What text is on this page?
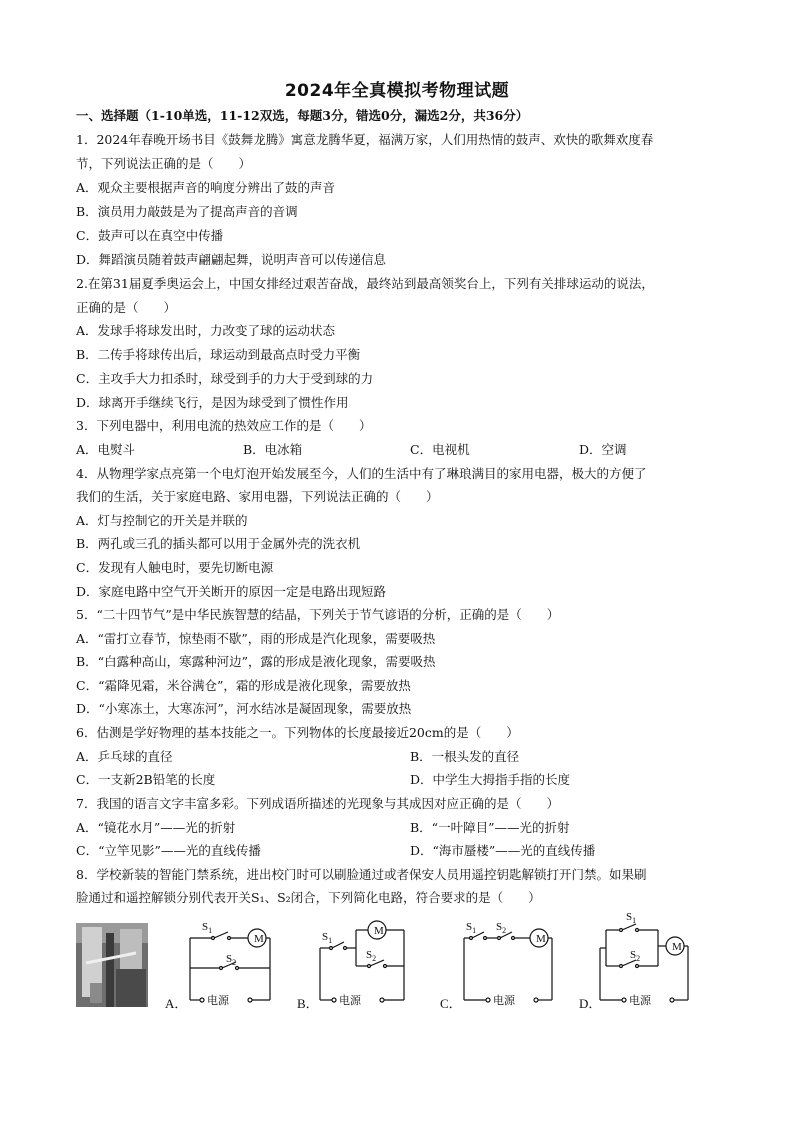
2024年全真模拟考物理试题
一、选择题（1-10单选，11-12双选，每题3分，错选0分，漏选2分，共36分）
1．2024年春晚开场书目《鼓舞龙腾》寓意龙腾华夏，福满万家，人们用热情的鼓声、欢快的歌舞欢度春
节，下列说法正确的是（　　）
A．观众主要根据声音的响度分辨出了鼓的声音
B．演员用力敲鼓是为了提高声音的音调
C．鼓声可以在真空中传播
D．舞蹈演员随着鼓声翩翩起舞，说明声音可以传递信息
2.在第31届夏季奥运会上，中国女排经过艰苦奋战，最终站到最高领奖台上，下列有关排球运动的说法，
正确的是（　　）
A．发球手将球发出时，力改变了球的运动状态
B．二传手将球传出后，球运动到最高点时受力平衡
C．主攻手大力扣杀时，球受到手的力大于受到球的力
D．球离开手继续飞行，是因为球受到了惯性作用
3．下列电器中，利用电流的热效应工作的是（　　）
A．电熨斗	B．电冰箱	C．电视机	D．空调
4．从物理学家点亮第一个电灯泡开始发展至今，人们的生活中有了琳琅满目的家用电器，极大的方便了
我们的生活，关于家庭电路、家用电器，下列说法正确的（　　）
A．灯与控制它的开关是并联的
B．两孔或三孔的插头都可以用于金属外壳的洗衣机
C．发现有人触电时，要先切断电源
D．家庭电路中空气开关断开的原因一定是电路出现短路
5．“二十四节气”是中华民族智慧的结晶，下列关于节气谚语的分析，正确的是（　　）
A．“雷打立春节，惊垫雨不歇”，雨的形成是汽化现象，需要吸热
B．“白露种高山，寒露种河边”，露的形成是液化现象，需要吸热
C．“霜降见霜，米谷满仓”，霜的形成是液化现象，需要放热
D．“小寒冻土，大寒冻河”，河水结冰是凝固现象，需要放热
6．估测是学好物理的基本技能之一。下列物体的长度最接近20cm的是（　　）
A．乒乓球的直径	B．一根头发的直径
C．一支新2B铅笔的长度	D．中学生大拇指手指的长度
7．我国的语言文字丰富多彩。下列成语所描述的光现象与其成因对应正确的是（　　）
A．“镜花水月”——光的折射	B．“一叶障目”——光的折射
C．“立竿见影”——光的直线传播	D．“海市蜃楼”——光的直线传播
8．学校新装的智能门禁系统，进出校门时可以刷脸通过或者保安人员用遥控钥匙解锁打开门禁。如果刷
脸通过和遥控解锁分别代表开关S₁、S₂闭合，下列简化电路，符合要求的是（　　）
A．	B．	C．	D．
M
$S_1$
$S_2$
电源
M
$S_1$
$S_2$
电源
M
$S_1$ $S_2$
电源
M
$S_1$
$S_2$
电源
